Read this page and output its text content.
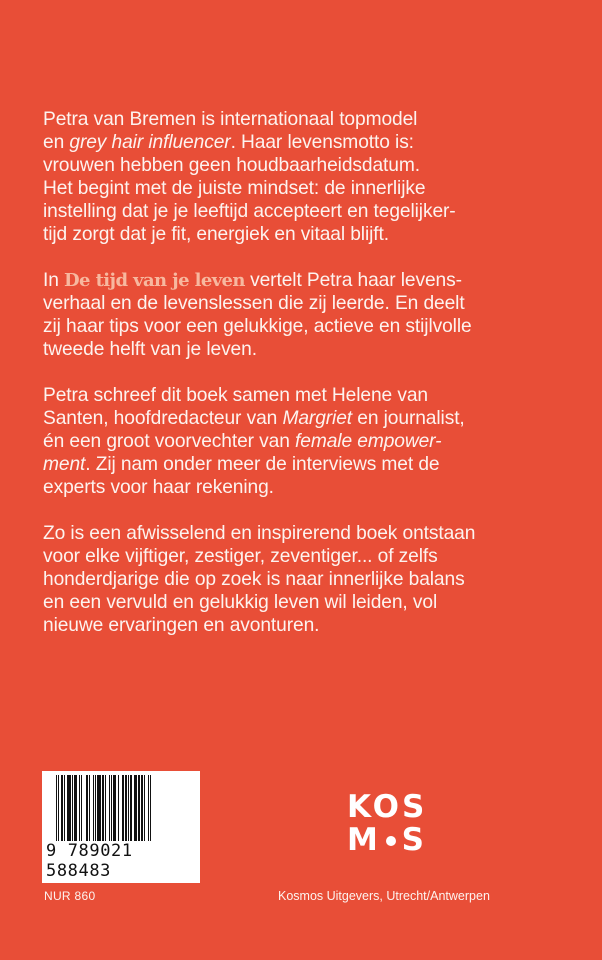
Petra van Bremen is internationaal topmodel
en grey hair influencer. Haar levensmotto is:
vrouwen hebben geen houdbaarheidsdatum.
Het begint met de juiste mindset: de innerlijke
instelling dat je je leeftijd accepteert en tegelijker-
tijd zorgt dat je fit, energiek en vitaal blijft.

In De tijd van je leven vertelt Petra haar levens-
verhaal en de levenslessen die zij leerde. En deelt
zij haar tips voor een gelukkige, actieve en stijlvolle
tweede helft van je leven.

Petra schreef dit boek samen met Helene van
Santen, hoofdredacteur van Margriet en journalist,
én een groot voorvechter van female empower-
ment. Zij nam onder meer de interviews met de
experts voor haar rekening.

Zo is een afwisselend en inspirerend boek ontstaan
voor elke vijftiger, zestiger, zeventiger... of zelfs
honderdjarige die op zoek is naar innerlijke balans
en een vervuld en gelukkig leven wil leiden, vol
nieuwe ervaringen en avonturen.

9 789021 588483
NUR 860
KOS
M S
Kosmos Uitgevers, Utrecht/Antwerpen
